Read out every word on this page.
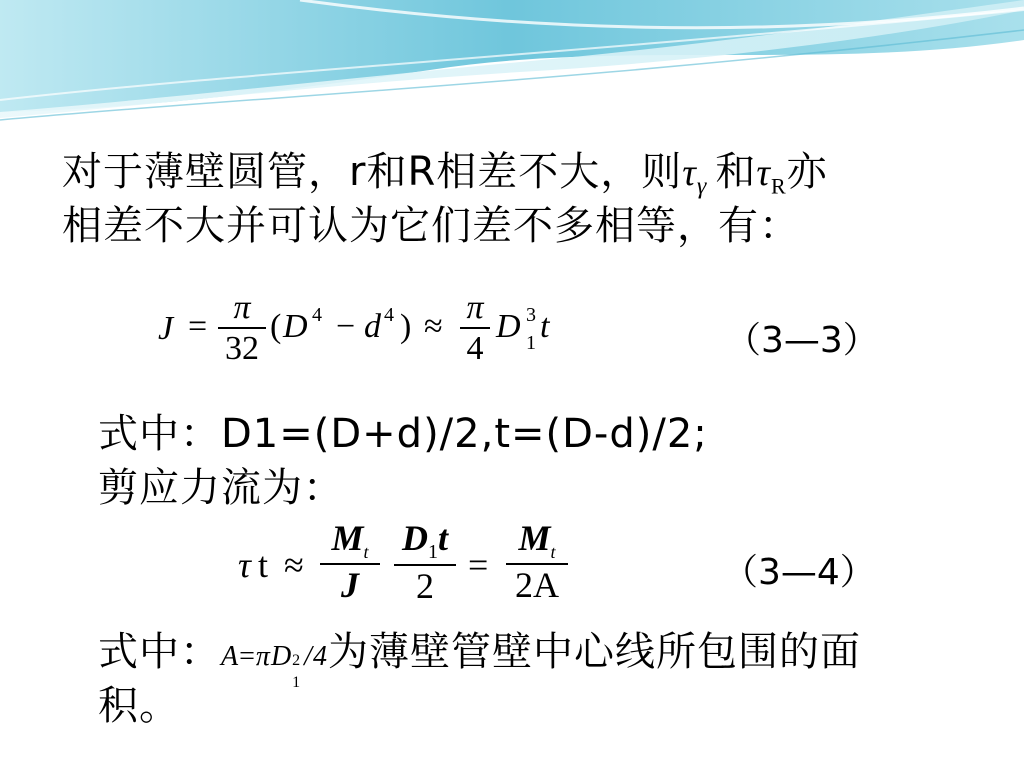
对于薄壁圆管，r和R相差不大，则$\tau_\gamma$ 和$\tau_R$亦
相差不大并可认为它们差不多相等，有：
J =
π
32
( D 4 − d 4 ) ≈
π
4
D 3
1 t	（3—3）
式中：D1=(D+d)/2,t=(D-d)/2;
剪应力流为：
τ t ≈
$M_t$
J
$D_1t$
2
=
$M_t$
2A	（3—4）
式中：A=πD 2
1
/4为薄壁管壁中心线所包围的面
积。
